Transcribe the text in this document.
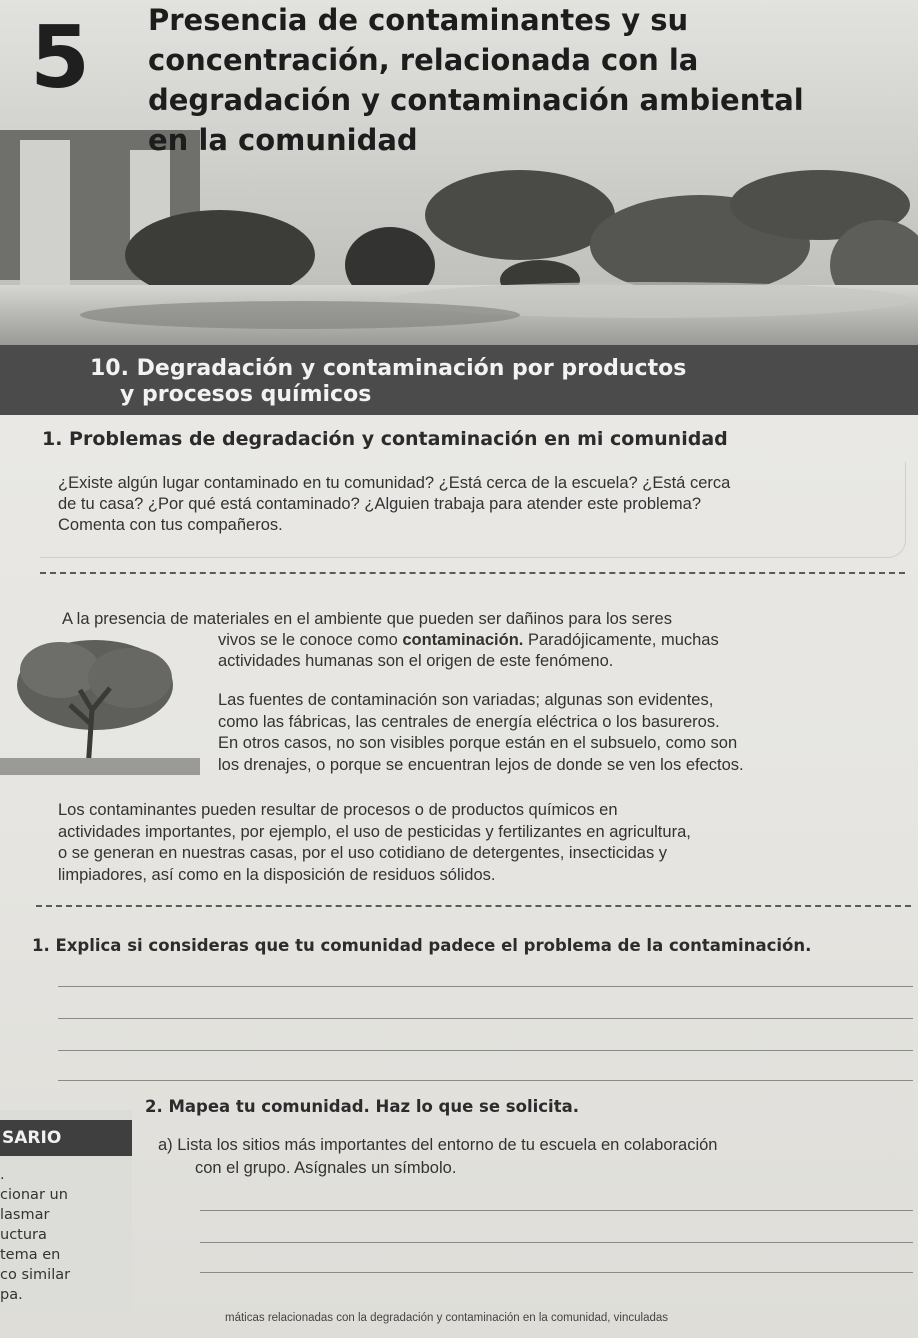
5	Presencia de contaminantes y su
concentración, relacionada con la
degradación y contaminación ambiental
en la comunidad
10. Degradación y contaminación por productos
y procesos químicos
1. Problemas de degradación y contaminación en mi comunidad
¿Existe algún lugar contaminado en tu comunidad? ¿Está cerca de la escuela? ¿Está cerca
de tu casa? ¿Por qué está contaminado? ¿Alguien trabaja para atender este problema?
Comenta con tus compañeros.
A la presencia de materiales en el ambiente que pueden ser dañinos para los seres
vivos se le conoce como contaminación. Paradójicamente, muchas
actividades humanas son el origen de este fenómeno.
Las fuentes de contaminación son variadas; algunas son evidentes,
como las fábricas, las centrales de energía eléctrica o los basureros.
En otros casos, no son visibles porque están en el subsuelo, como son
los drenajes, o porque se encuentran lejos de donde se ven los efectos.
Los contaminantes pueden resultar de procesos o de productos químicos en
actividades importantes, por ejemplo, el uso de pesticidas y fertilizantes en agricultura,
o se generan en nuestras casas, por el uso cotidiano de detergentes, insecticidas y
limpiadores, así como en la disposición de residuos sólidos.
1. Explica si consideras que tu comunidad padece el problema de la contaminación.
2. Mapea tu comunidad. Haz lo que se solicita.
SARIO
.
cionar un
lasmar
uctura
tema en
co similar
pa.
a) Lista los sitios más importantes del entorno de tu escuela en colaboración
con el grupo. Asígnales un símbolo.
máticas relacionadas con la degradación y contaminación en la comunidad, vinculadas
